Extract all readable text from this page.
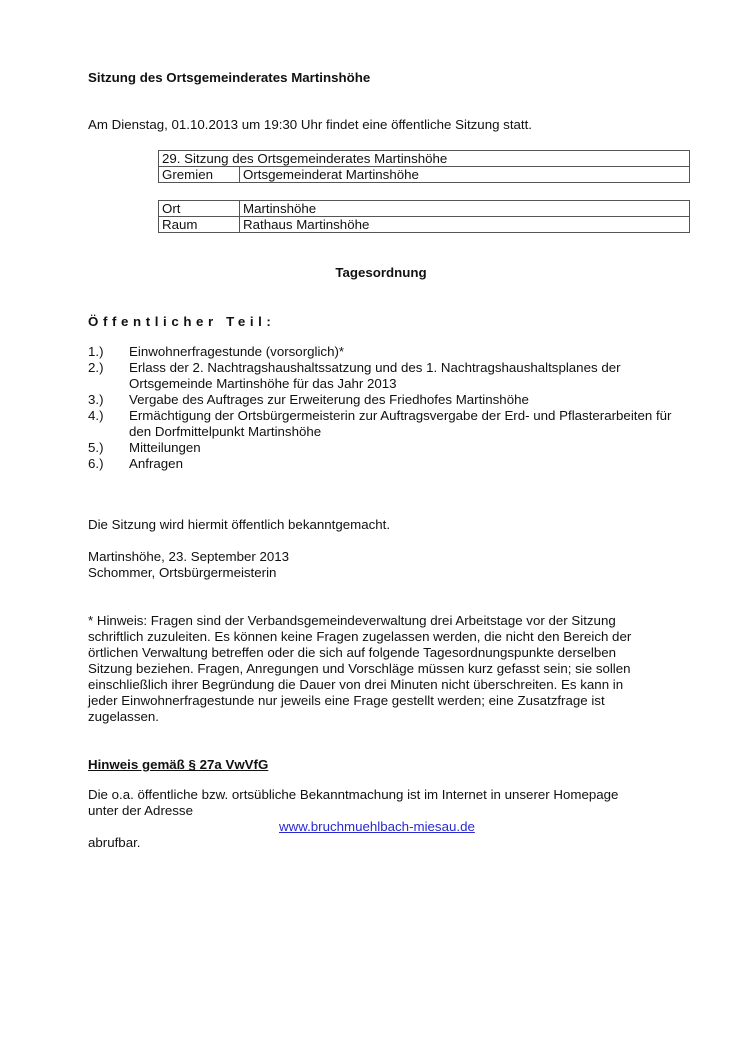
Sitzung des Ortsgemeinderates Martinshöhe
Am Dienstag, 01.10.2013 um 19:30 Uhr findet eine öffentliche Sitzung statt.
29. Sitzung des Ortsgemeinderates Martinshöhe
Gremien	Ortsgemeinderat Martinshöhe
Ort	Martinshöhe
Raum	Rathaus Martinshöhe
Tagesordnung
Öffentlicher Teil:
1.)	Einwohnerfragestunde (vorsorglich)*
2.)	Erlass der 2. Nachtragshaushaltssatzung und des 1. Nachtragshaushaltsplanes der Ortsgemeinde Martinshöhe für das Jahr 2013
3.)	Vergabe des Auftrages zur Erweiterung des Friedhofes Martinshöhe
4.)	Ermächtigung der Ortsbürgermeisterin zur Auftragsvergabe der Erd- und Pflasterarbeiten für den Dorfmittelpunkt Martinshöhe
5.)	Mitteilungen
6.)	Anfragen
Die Sitzung wird hiermit öffentlich bekanntgemacht.
Martinshöhe, 23. September 2013
Schommer, Ortsbürgermeisterin
* Hinweis: Fragen sind der Verbandsgemeindeverwaltung drei Arbeitstage vor der Sitzung schriftlich zuzuleiten. Es können keine Fragen zugelassen werden, die nicht den Bereich der örtlichen Verwaltung betreffen oder die sich auf folgende Tagesordnungspunkte derselben Sitzung beziehen. Fragen, Anregungen und Vorschläge müssen kurz gefasst sein; sie sollen einschließlich ihrer Begründung die Dauer von drei Minuten nicht überschreiten. Es kann in jeder Einwohnerfragestunde nur jeweils eine Frage gestellt werden; eine Zusatzfrage ist zugelassen.
Hinweis gemäß § 27a VwVfG
Die o.a. öffentliche bzw. ortsübliche Bekanntmachung ist im Internet in unserer Homepage unter der Adresse
www.bruchmuehlbach-miesau.de
abrufbar.
